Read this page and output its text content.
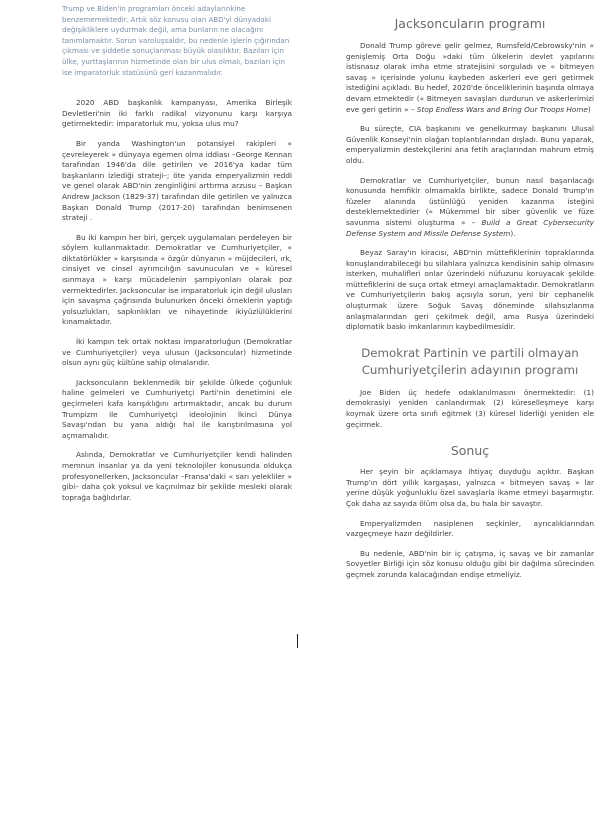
Trump ve Biden'in programları önceki adaylarınkine benzememektedir. Artık söz konusu olan ABD'yi dünyadaki değişikliklere uydurmak değil, ama bunların ne olacağını tanımlamaktır. Sorun varoluşsaldır, bu nedenle işlerin çığırından çıkması ve şiddetle sonuçlanması büyük olasılıktır. Bazıları için ülke, yurttaşlarının hizmetinde olan bir ulus olmalı, bazıları için ise imparatorluk statüsünü geri kazanmalıdır.

2020 ABD başkanlık kampanyası, Amerika Birleşik Devletleri'nin iki farklı radikal vizyonunu karşı karşıya getirmektedir: imparatorluk mu, yoksa ulus mu?

Bir yanda Washington'un potansiyel rakipleri « çevreleyerek » dünyaya egemen olma iddiası –George Kennan tarafından 1946'da dile getirilen ve 2016'ya kadar tüm başkanların izlediği strateji–; öte yanda emperyalizmin reddi ve genel olarak ABD'nin zenginliğini arttırma arzusu – Başkan Andrew Jackson (1829-37) tarafından dile getirilen ve yalnızca Başkan Donald Trump (2017-20) tarafından benimsenen strateji .

Bu iki kampın her biri, gerçek uygulamaları perdeleyen bir söylem kullanmaktadır. Demokratlar ve Cumhuriyetçiler, « diktatörlükler » karşısında « özgür dünyanın » müjdecileri, ırk, cinsiyet ve cinsel ayrımcılığın savunucuları ve « küresel ısınmaya » karşı mücadelenin şampiyonları olarak poz vermektedirler. Jacksoncular ise imparatorluk için değil ulusları için savaşma çağrısında bulunurken önceki örneklerin yaptığı yolsuzlukları, sapkınlıkları ve nihayetinde ikiyüzlülüklerini kınamaktadır.

İki kampın tek ortak noktası imparatorluğun (Demokratlar ve Cumhuriyetçiler) veya ulusun (Jacksoncular) hizmetinde olsun aynı güç kültüne sahip olmalarıdır.

Jacksoncuların beklenmedik bir şekilde ülkede çoğunluk haline gelmeleri ve Cumhuriyetçi Parti'nin denetimini ele geçirmeleri kafa karışıklığını artırmaktadır, ancak bu durum Trumpizm ile Cumhuriyetçi ideolojinin İkinci Dünya Savaşı'ndan bu yana aldığı hal ile karıştırılmasına yol açmamalıdır.

Aslında, Demokratlar ve Cumhuriyetçiler kendi halinden memnun insanlar ya da yeni teknolojiler konusunda oldukça profesyonellerken, Jacksoncular –Fransa'daki « sarı yelekliler » gibi– daha çok yoksul ve kaçınılmaz bir şekilde mesleki olarak toprağa bağlıdırlar.

Jacksoncuların programı

Donald Trump göreve gelir gelmez, Rumsfeld/Cebrowsky'nin « genişlemiş Orta Doğu »daki tüm ülkelerin devlet yapılarını istisnasız olarak imha etme stratejisini sorguladı ve « bitmeyen savaş » içerisinde yolunu kaybeden askerleri eve geri getirmek istediğini açıkladı. Bu hedef, 2020'de önceliklerinin başında olmaya devam etmektedir (« Bitmeyen savaşları durdurun ve askerlerimizi eve geri getirin » – Stop Endless Wars and Bring Our Troops Home)

Bu süreçte, CIA başkanını ve genelkurmay başkanını Ulusal Güvenlik Konseyi'nin olağan toplantılarından dışladı. Bunu yaparak, emperyalizmin destekçilerini ana fetih araçlarından mahrum etmiş oldu.

Demokratlar ve Cumhuriyetçiler, bunun nasıl başarılacağı konusunda hemfikir olmamakla birlikte, sadece Donald Trump'ın füzeler alanında üstünlüğü yeniden kazanma isteğini desteklemektedirler (« Mükemmel bir siber güvenlik ve füze savunma sistemi oluşturma » – Build a Great Cybersecurity Defense System and Missile Defense System).

Beyaz Saray'ın kiracısı, ABD'nin müttefiklerinin topraklarında konuşlandırabileceği bu silahlara yalnızca kendisinin sahip olmasını isterken, muhalifleri onlar üzerindeki nüfuzunu koruyacak şekilde müttefiklerini de suça ortak etmeyi amaçlamaktadır. Demokratların ve Cumhuriyetçilerin bakış açısıyla sorun, yeni bir cephanelik oluşturmak üzere Soğuk Savaş döneminde silahsızlanma anlaşmalarından geri çekilmek değil, ama Rusya üzerindeki diplomatik baskı imkanlarının kaybedilmesidir.

Demokrat Partinin ve partili olmayan Cumhuriyetçilerin adayının programı

Joe Biden üç hedefe odaklanılmasını önermektedir: (1) demokrasiyi yeniden canlandırmak (2) küreselleşmeye karşı koymak üzere orta sınıfı eğitmek (3) küresel liderliği yeniden ele geçirmek.

Sonuç

Her şeyin bir açıklamaya ihtiyaç duyduğu açıktır. Başkan Trump'ın dört yıllık kargaşası, yalnızca « bitmeyen savaş » lar yerine düşük yoğunluklu özel savaşlarla ikame etmeyi başarmıştır. Çok daha az sayıda ölüm olsa da, bu hala bir savaştır.

Emperyalizmden nasiplenen seçkinler, ayrıcalıklarından vazgeçmeye hazır değildirler.

Bu nedenle, ABD'nin bir iç çatışma, iç savaş ve bir zamanlar Sovyetler Birliği için söz konusu olduğu gibi bir dağılma sürecinden geçmek zorunda kalacağından endişe etmeliyiz.
